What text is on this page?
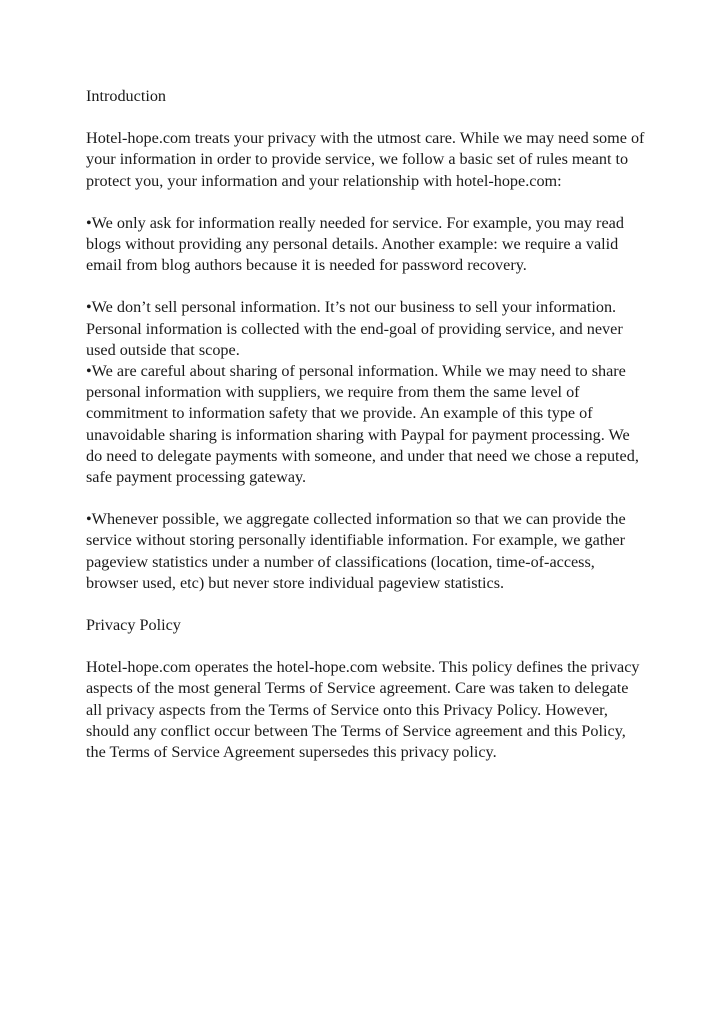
Introduction

Hotel-hope.com treats your privacy with the utmost care. While we may need some of your information in order to provide service, we follow a basic set of rules meant to protect you, your information and your relationship with hotel-hope.com:

•We only ask for information really needed for service. For example, you may read blogs without providing any personal details. Another example: we require a valid email from blog authors because it is needed for password recovery.

•We don’t sell personal information. It’s not our business to sell your information. Personal information is collected with the end-goal of providing service, and never used outside that scope.

•We are careful about sharing of personal information. While we may need to share personal information with suppliers, we require from them the same level of commitment to information safety that we provide. An example of this type of unavoidable sharing is information sharing with Paypal for payment processing. We do need to delegate payments with someone, and under that need we chose a reputed, safe payment processing gateway.

•Whenever possible, we aggregate collected information so that we can provide the service without storing personally identifiable information. For example, we gather pageview statistics under a number of classifications (location, time-of-access, browser used, etc) but never store individual pageview statistics.

Privacy Policy

Hotel-hope.com operates the hotel-hope.com website. This policy defines the privacy aspects of the most general Terms of Service agreement. Care was taken to delegate all privacy aspects from the Terms of Service onto this Privacy Policy. However, should any conflict occur between The Terms of Service agreement and this Policy, the Terms of Service Agreement supersedes this privacy policy.
